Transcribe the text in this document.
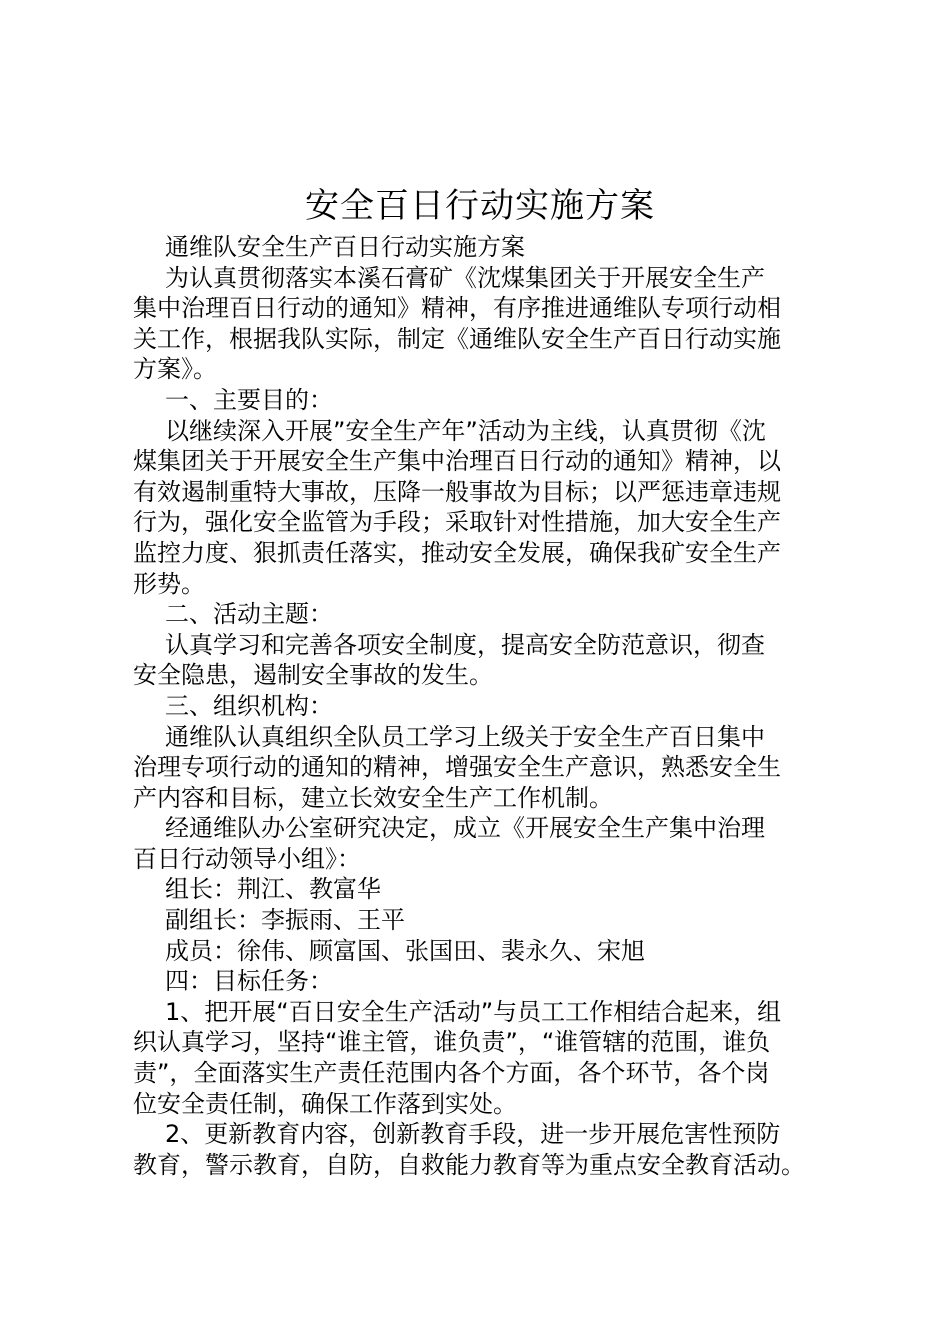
安全百日行动实施方案
通维队安全生产百日行动实施方案
为认真贯彻落实本溪石膏矿《沈煤集团关于开展安全生产
集中治理百日行动的通知》精神，有序推进通维队专项行动相
关工作，根据我队实际，制定《通维队安全生产百日行动实施
方案》。
一、主要目的：
以继续深入开展”安全生产年”活动为主线，认真贯彻《沈
煤集团关于开展安全生产集中治理百日行动的通知》精神，以
有效遏制重特大事故，压降一般事故为目标；以严惩违章违规
行为，强化安全监管为手段；采取针对性措施，加大安全生产
监控力度、狠抓责任落实，推动安全发展，确保我矿安全生产
形势。
二、活动主题：
认真学习和完善各项安全制度，提高安全防范意识，彻查
安全隐患，遏制安全事故的发生。
三、组织机构：
通维队认真组织全队员工学习上级关于安全生产百日集中
治理专项行动的通知的精神，增强安全生产意识，熟悉安全生
产内容和目标，建立长效安全生产工作机制。
经通维队办公室研究决定，成立《开展安全生产集中治理
百日行动领导小组》：
组长：荆江、教富华
副组长：李振雨、王平
成员：徐伟、顾富国、张国田、裴永久、宋旭
四：目标任务：
1、把开展“百日安全生产活动”与员工工作相结合起来，组
织认真学习，坚持“谁主管，谁负责”，“谁管辖的范围，谁负
责”，全面落实生产责任范围内各个方面，各个环节，各个岗
位安全责任制，确保工作落到实处。
2、更新教育内容，创新教育手段，进一步开展危害性预防
教育，警示教育，自防，自救能力教育等为重点安全教育活动。
